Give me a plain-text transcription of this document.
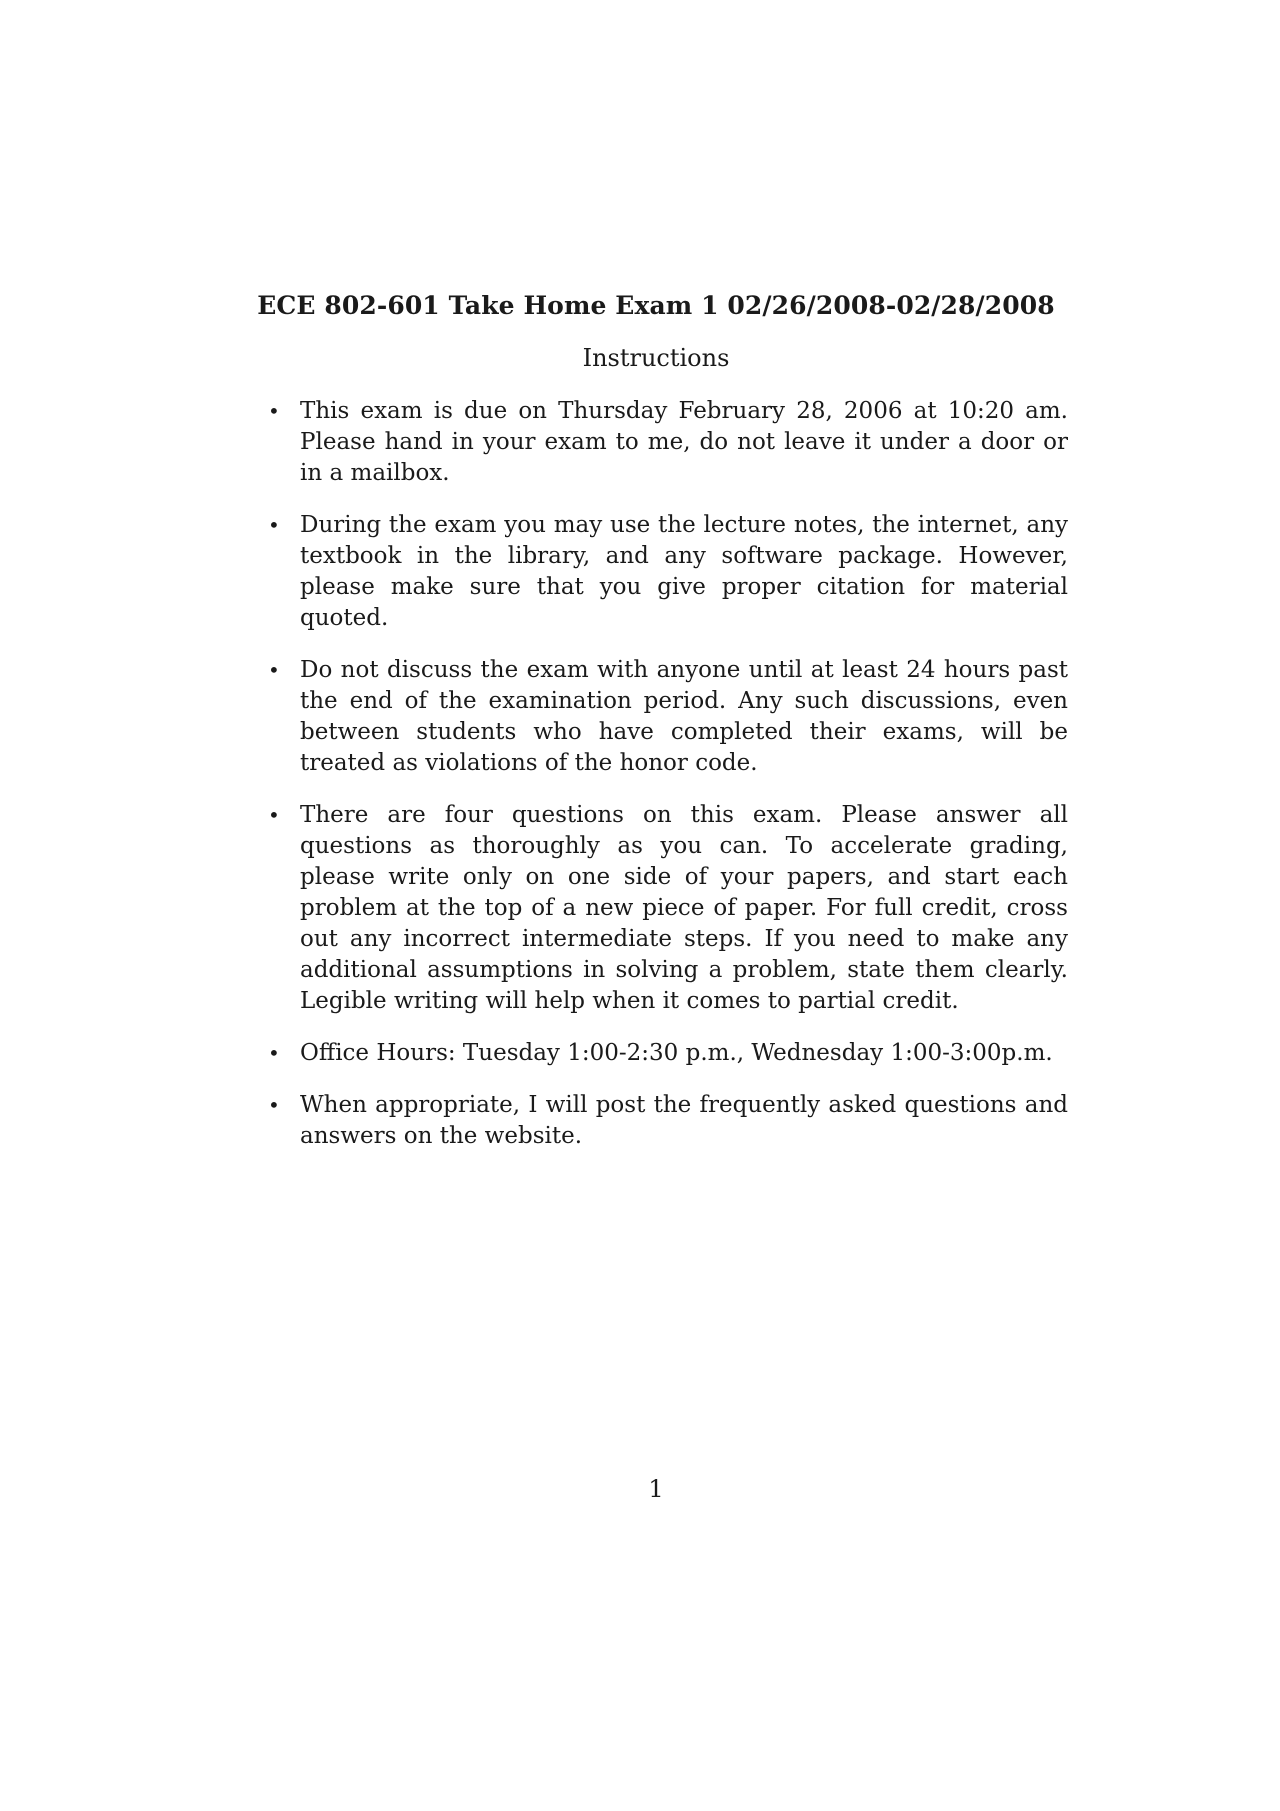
ECE 802-601 Take Home Exam 1 02/26/2008-02/28/2008
Instructions
• This exam is due on Thursday February 28, 2006 at 10:20 am. Please hand in your exam to me, do not leave it under a door or in a mailbox.
• During the exam you may use the lecture notes, the internet, any textbook in the library, and any software package. However, please make sure that you give proper citation for material quoted.
• Do not discuss the exam with anyone until at least 24 hours past the end of the examination period. Any such discussions, even between students who have completed their exams, will be treated as violations of the honor code.
• There are four questions on this exam. Please answer all questions as thoroughly as you can. To accelerate grading, please write only on one side of your papers, and start each problem at the top of a new piece of paper. For full credit, cross out any incorrect intermediate steps. If you need to make any additional assumptions in solving a problem, state them clearly. Legible writing will help when it comes to partial credit.
• Office Hours: Tuesday 1:00-2:30 p.m., Wednesday 1:00-3:00p.m.
• When appropriate, I will post the frequently asked questions and answers on the website.
1
